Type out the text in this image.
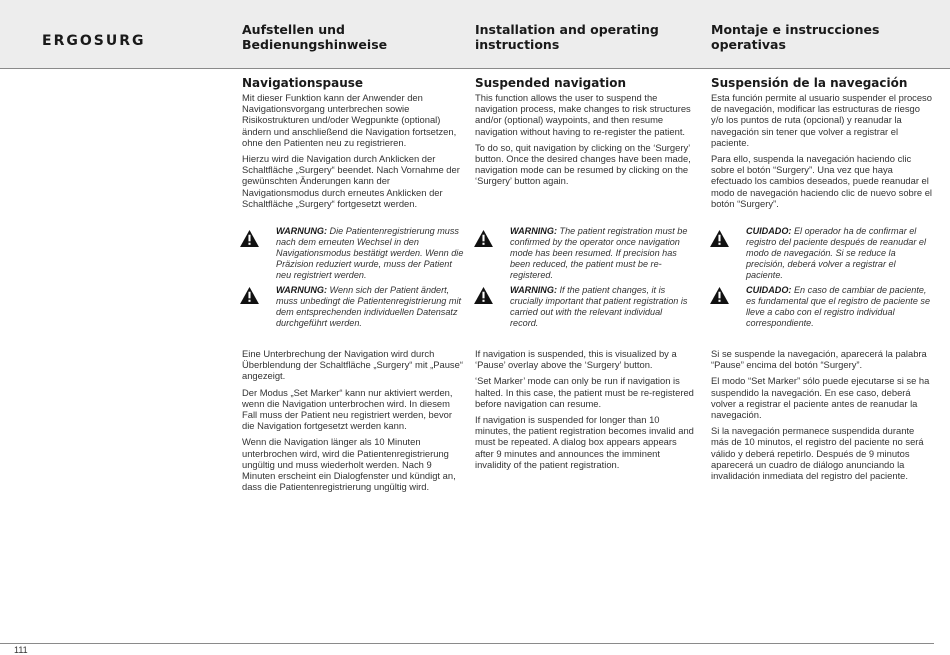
ERGOSURG
Aufstellen und Bedienungshinweise
Installation and operating instructions
Montaje e instrucciones operativas
Navigationspause

Mit dieser Funktion kann der Anwender den Navigationsvorgang unterbrechen sowie Risikostrukturen und/oder Wegpunkte (optional) ändern und anschließend die Navigation fortsetzen, ohne den Patienten neu zu registrieren.

Hierzu wird die Navigation durch Anklicken der Schaltfläche „Surgery“ beendet. Nach Vornahme der gewünschten Änderungen kann der Navigationsmodus durch erneutes Anklicken der Schaltfläche „Surgery“ fortgesetzt werden.

WARNUNG: Die Patientenregistrierung muss nach dem erneuten Wechsel in den Navigationsmodus bestätigt werden. Wenn die Präzision reduziert wurde, muss der Patient neu registriert werden.
WARNUNG: Wenn sich der Patient ändert, muss unbedingt die Patientenregistrierung mit dem entsprechenden individuellen Datensatz durchgeführt werden.

Eine Unterbrechung der Navigation wird durch Überblendung der Schaltfläche „Surgery“ mit „Pause“ angezeigt.

Der Modus „Set Marker“ kann nur aktiviert werden, wenn die Navigation unterbrochen wird. In diesem Fall muss der Patient neu registriert werden, bevor die Navigation fortgesetzt werden kann.

Wenn die Navigation länger als 10 Minuten unterbrochen wird, wird die Patientenregistrierung ungültig und muss wiederholt werden. Nach 9 Minuten erscheint ein Dialogfenster und kündigt an, dass die Patientenregistrierung ungültig wird.

Suspended navigation

This function allows the user to suspend the navigation process, make changes to risk structures and/or (optional) waypoints, and then resume navigation without having to re-register the patient.

To do so, quit navigation by clicking on the ‘Surgery’ button. Once the desired changes have been made, navigation mode can be resumed by clicking on the ‘Surgery’ button again.

WARNING: The patient registration must be confirmed by the operator once navigation mode has been resumed. If precision has been reduced, the patient must be re-registered.
WARNING: If the patient changes, it is crucially important that patient registration is carried out with the relevant individual record.

If navigation is suspended, this is visualized by a ‘Pause’ overlay above the ‘Surgery’ button.

‘Set Marker’ mode can only be run if navigation is halted. In this case, the patient must be re-registered before navigation can resume.

If navigation is suspended for longer than 10 minutes, the patient registration becomes invalid and must be repeated. A dialog box appears appears after 9 minutes and announces the imminent invalidity of the patient registration.

Suspensión de la navegación

Esta función permite al usuario suspender el proceso de navegación, modificar las estructuras de riesgo y/o los puntos de ruta (opcional) y reanudar la navegación sin tener que volver a registrar el paciente.

Para ello, suspenda la navegación haciendo clic sobre el botón “Surgery”. Una vez que haya efectuado los cambios deseados, puede reanudar el modo de navegación haciendo clic de nuevo sobre el botón “Surgery”.

CUIDADO: El operador ha de confirmar el registro del paciente después de reanudar el modo de navegación. Si se reduce la precisión, deberá volver a registrar el paciente.
CUIDADO: En caso de cambiar de paciente, es fundamental que el registro de paciente se lleve a cabo con el registro individual correspondiente.

Si se suspende la navegación, aparecerá la palabra “Pause” encima del botón “Surgery”.

El modo “Set Marker” sólo puede ejecutarse si se ha suspendido la navegación. En ese caso, deberá volver a registrar el paciente antes de reanudar la navegación.

Si la navegación permanece suspendida durante más de 10 minutos, el registro del paciente no será válido y deberá repetirlo. Después de 9 minutos aparecerá un cuadro de diálogo anunciando la invalidación inmediata del registro del paciente.

111
